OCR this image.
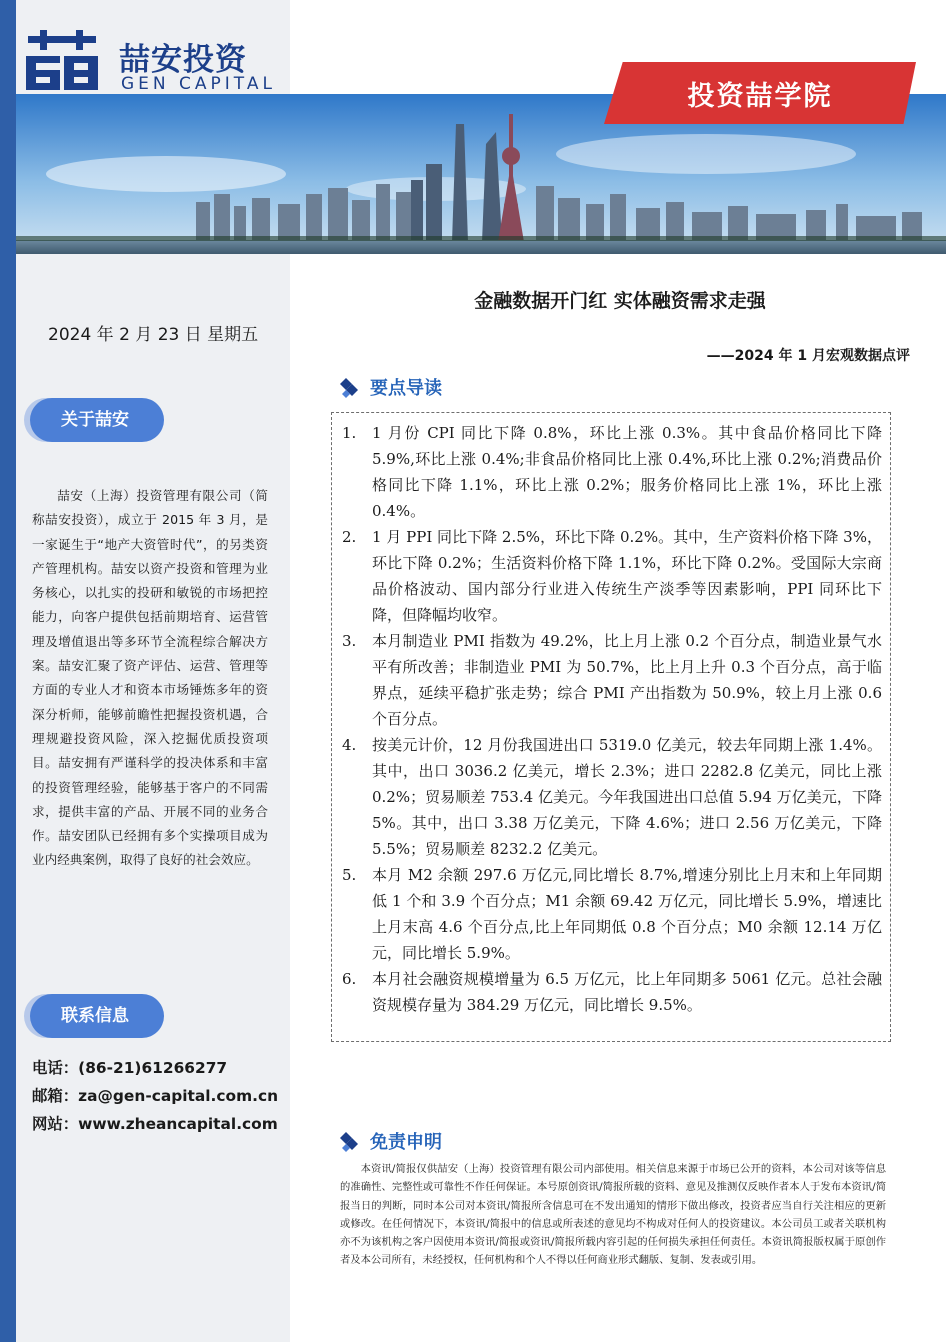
喆安投资
GEN CAPITAL	投资喆学院
2024 年 2 月 23 日 星期五
关于喆安
喆安（上海）投资管理有限公司（简称喆安投资），成立于 2015 年 3 月，是一家诞生于“地产大资管时代”，的另类资产管理机构。喆安以资产投资和管理为业务核心，以扎实的投研和敏锐的市场把控能力，向客户提供包括前期培育、运营管理及增值退出等多环节全流程综合解决方案。喆安汇聚了资产评估、运营、管理等方面的专业人才和资本市场锤炼多年的资深分析师，能够前瞻性把握投资机遇，合理规避投资风险，深入挖掘优质投资项目。喆安拥有严谨科学的投决体系和丰富的投资管理经验，能够基于客户的不同需求，提供丰富的产品、开展不同的业务合作。喆安团队已经拥有多个实操项目成为业内经典案例，取得了良好的社会效应。
联系信息
电话：(86-21)61266277
邮箱：za@gen-capital.com.cn
网站：www.zheancapital.com
金融数据开门红 实体融资需求走强
——2024 年 1 月宏观数据点评
要点导读
1. 1 月份 CPI 同比下降 0.8%，环比上涨 0.3%。其中食品价格同比下降 5.9%,环比上涨 0.4%;非食品价格同比上涨 0.4%,环比上涨 0.2%;消费品价格同比下降 1.1%，环比上涨 0.2%；服务价格同比上涨 1%，环比上涨 0.4%。
2. 1 月 PPI 同比下降 2.5%，环比下降 0.2%。其中，生产资料价格下降 3%，环比下降 0.2%；生活资料价格下降 1.1%，环比下降 0.2%。受国际大宗商品价格波动、国内部分行业进入传统生产淡季等因素影响，PPI 同环比下降，但降幅均收窄。
3. 本月制造业 PMI 指数为 49.2%，比上月上涨 0.2 个百分点，制造业景气水平有所改善；非制造业 PMI 为 50.7%，比上月上升 0.3 个百分点，高于临界点，延续平稳扩张走势；综合 PMI 产出指数为 50.9%，较上月上涨 0.6 个百分点。
4. 按美元计价，12 月份我国进出口 5319.0 亿美元，较去年同期上涨 1.4%。其中，出口 3036.2 亿美元，增长 2.3%；进口 2282.8 亿美元，同比上涨 0.2%；贸易顺差 753.4 亿美元。今年我国进出口总值 5.94 万亿美元，下降 5%。其中，出口 3.38 万亿美元，下降 4.6%；进口 2.56 万亿美元，下降 5.5%；贸易顺差 8232.2 亿美元。
5. 本月 M2 余额 297.6 万亿元,同比增长 8.7%,增速分别比上月末和上年同期低 1 个和 3.9 个百分点；M1 余额 69.42 万亿元，同比增长 5.9%，增速比上月末高 4.6 个百分点,比上年同期低 0.8 个百分点；M0 余额 12.14 万亿元，同比增长 5.9%。
6. 本月社会融资规模增量为 6.5 万亿元，比上年同期多 5061 亿元。总社会融资规模存量为 384.29 万亿元，同比增长 9.5%。
免责申明
本资讯/简报仅供喆安（上海）投资管理有限公司内部使用。相关信息来源于市场已公开的资料，本公司对该等信息的准确性、完整性或可靠性不作任何保证。本号原创资讯/简报所载的资料、意见及推测仅反映作者本人于发布本资讯/简报当日的判断，同时本公司对本资讯/简报所含信息可在不发出通知的情形下做出修改，投资者应当自行关注相应的更新或修改。在任何情况下，本资讯/简报中的信息或所表述的意见均不构成对任何人的投资建议。本公司员工或者关联机构亦不为该机构之客户因使用本资讯/简报或资讯/简报所载内容引起的任何损失承担任何责任。本资讯简报版权属于原创作者及本公司所有，未经授权，任何机构和个人不得以任何商业形式翻版、复制、发表或引用。
